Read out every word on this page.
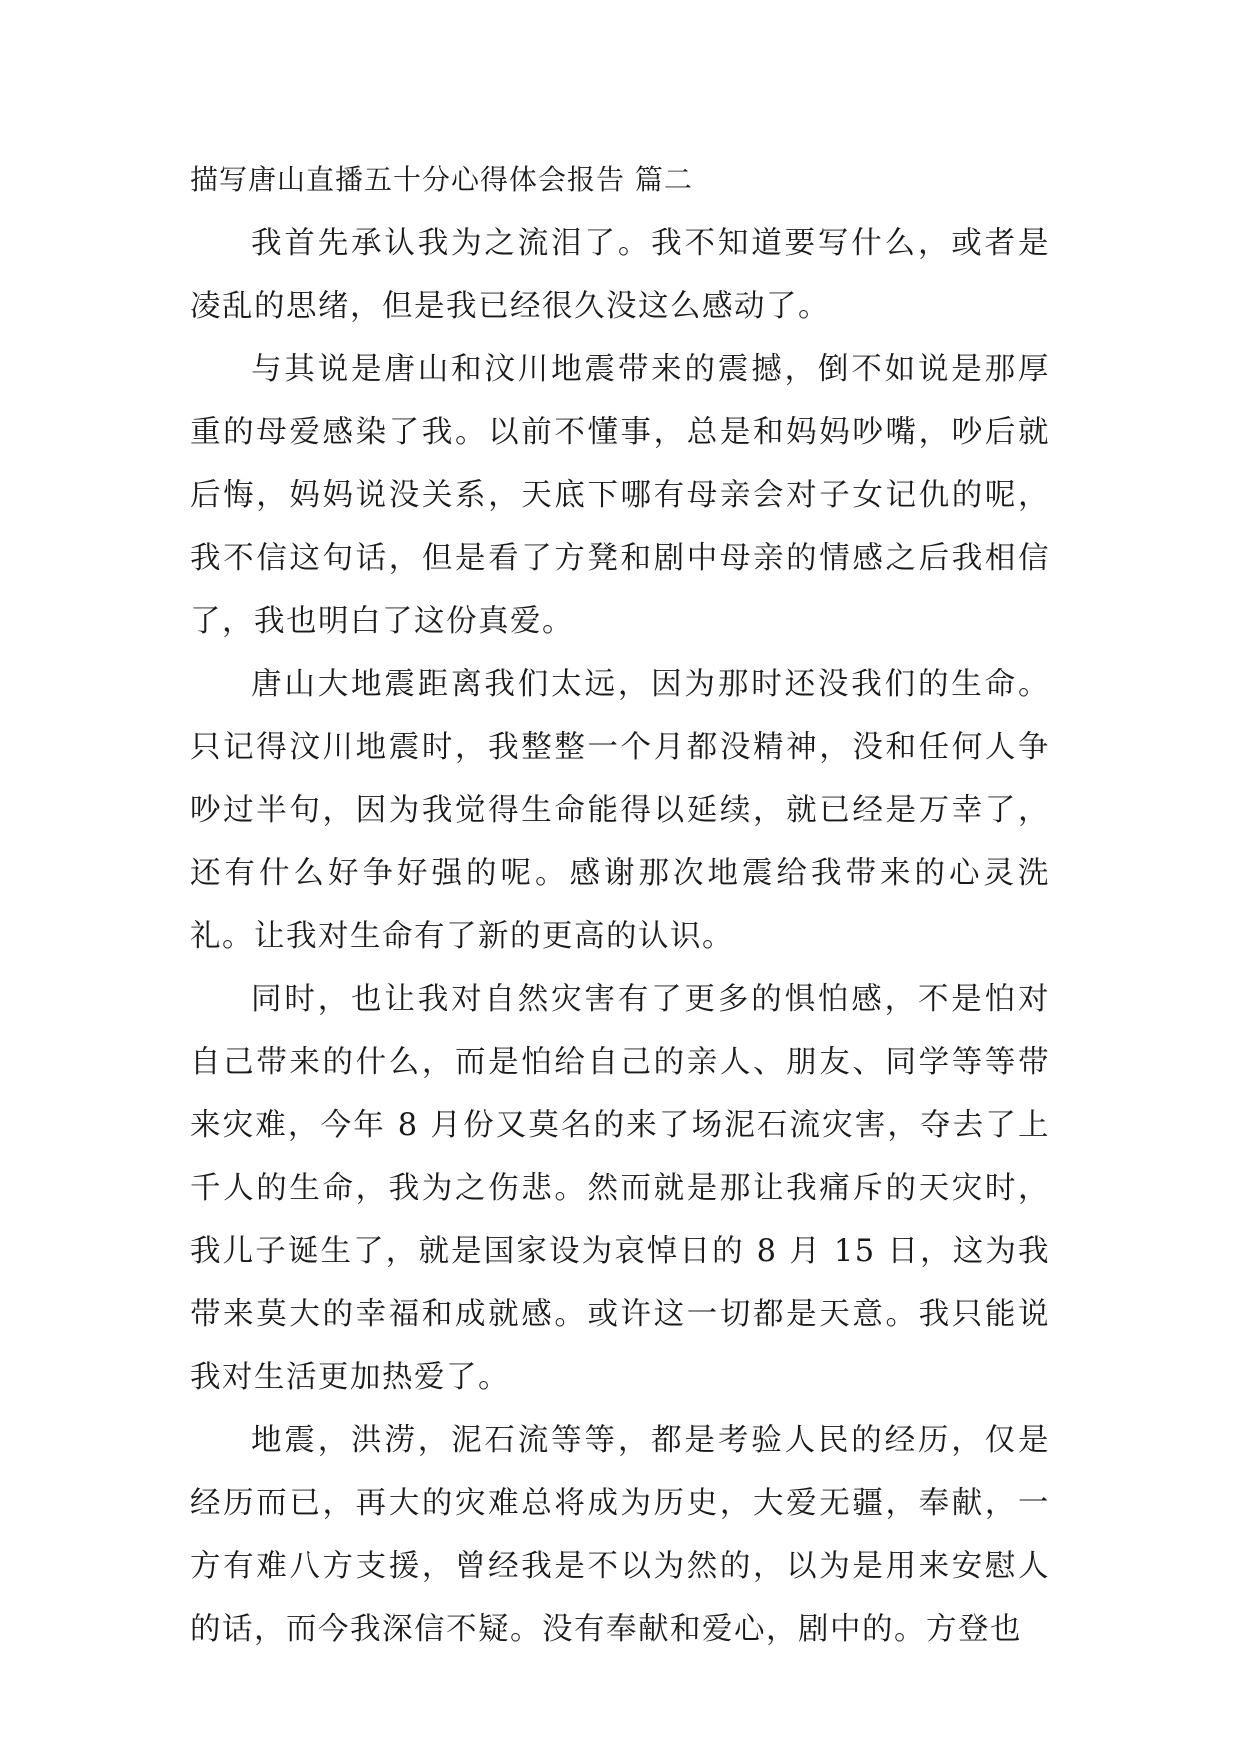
描写唐山直播五十分心得体会报告 篇二

我首先承认我为之流泪了。我不知道要写什么，或者是凌乱的思绪，但是我已经很久没这么感动了。

与其说是唐山和汶川地震带来的震撼，倒不如说是那厚重的母爱感染了我。以前不懂事，总是和妈妈吵嘴，吵后就后悔，妈妈说没关系，天底下哪有母亲会对子女记仇的呢，我不信这句话，但是看了方凳和剧中母亲的情感之后我相信了，我也明白了这份真爱。

唐山大地震距离我们太远，因为那时还没我们的生命。只记得汶川地震时，我整整一个月都没精神，没和任何人争吵过半句，因为我觉得生命能得以延续，就已经是万幸了，还有什么好争好强的呢。感谢那次地震给我带来的心灵洗礼。让我对生命有了新的更高的认识。

同时，也让我对自然灾害有了更多的惧怕感，不是怕对自己带来的什么，而是怕给自己的亲人、朋友、同学等等带来灾难，今年 8 月份又莫名的来了场泥石流灾害，夺去了上千人的生命，我为之伤悲。然而就是那让我痛斥的天灾时，我儿子诞生了，就是国家设为哀悼日的 8 月 15 日，这为我带来莫大的幸福和成就感。或许这一切都是天意。我只能说我对生活更加热爱了。

地震，洪涝，泥石流等等，都是考验人民的经历，仅是经历而已，再大的灾难总将成为历史，大爱无疆，奉献，一方有难八方支援，曾经我是不以为然的，以为是用来安慰人的话，而今我深信不疑。没有奉献和爱心，剧中的。方登也
